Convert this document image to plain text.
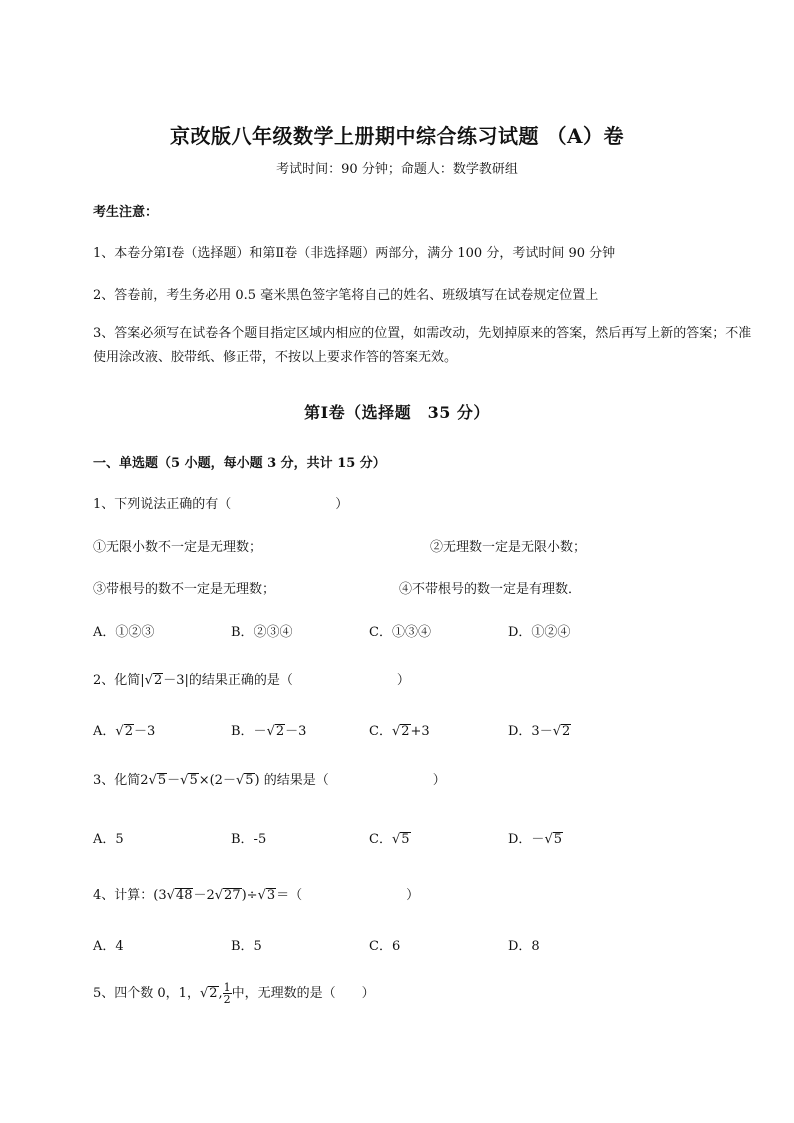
京改版八年级数学上册期中综合练习试题 （A）卷
考试时间：90 分钟；命题人：数学教研组
考生注意：
1、本卷分第Ⅰ卷（选择题）和第Ⅱ卷（非选择题）两部分，满分 100 分，考试时间 90 分钟
2、答卷前，考生务必用 0.5 毫米黑色签字笔将自己的姓名、班级填写在试卷规定位置上
3、答案必须写在试卷各个题目指定区域内相应的位置，如需改动，先划掉原来的答案，然后再写上新的答案；不准使用涂改液、胶带纸、修正带，不按以上要求作答的答案无效。
第Ⅰ卷（选择题　35 分）
一、单选题（5 小题，每小题 3 分，共计 15 分）
1、下列说法正确的有（	）
①无限小数不一定是无理数；	②无理数一定是无限小数；
③带根号的数不一定是无理数；	④不带根号的数一定是有理数．
A．①②③	B．②③④	C．①③④	D．①②④
2、化简|√2－3|的结果正确的是（	）
A．√2－3	B．－√2－3	C．√2+3	D．3－√2
3、化简2√5－√5×(2－√5) 的结果是（	）
A．5	B．-5	C．√5	D．－√5
4、计算：(3√48－2√27)÷√3＝（	）
A．4	B．5	C．6	D．8
5、四个数 0，1，√2, $\frac{1}{2}$ 中，无理数的是（　　）
